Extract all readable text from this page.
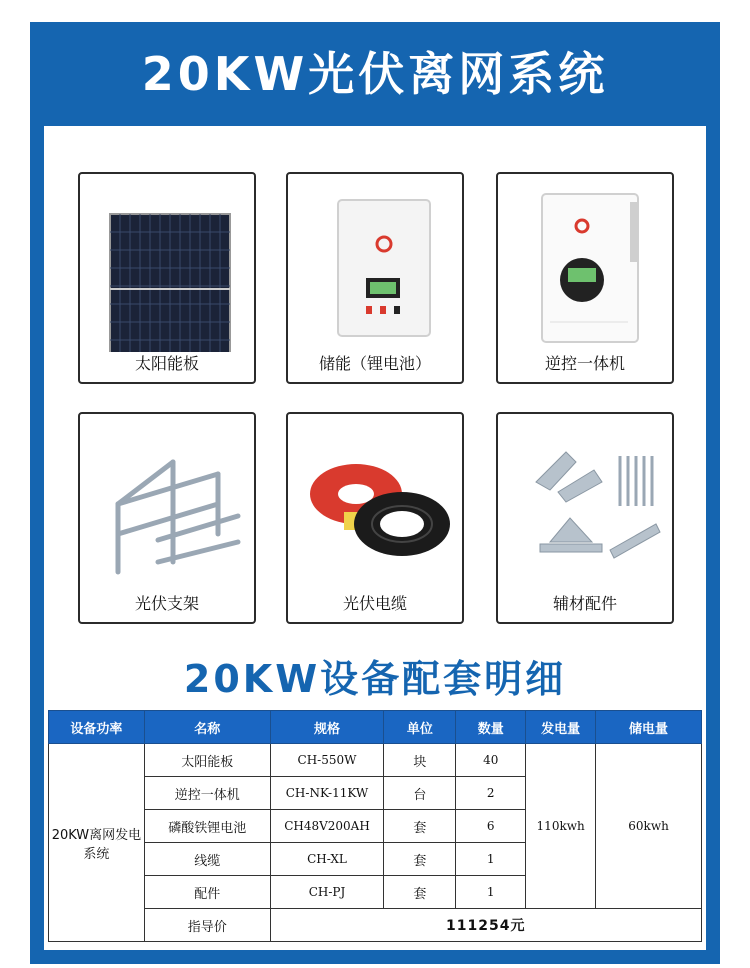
20KW光伏离网系统
太阳能板	储能（锂电池）	逆控一体机
光伏支架	光伏电缆	辅材配件
20KW设备配套明细
设备功率	名称	规格	单位	数量	发电量	储电量
20KW离网发电系统	太阳能板	CH-550W	块	40	110kwh	60kwh
	逆控一体机	CH-NK-11KW	台	2		
	磷酸铁锂电池	CH48V200AH	套	6		
	线缆	CH-XL	套	1		
	配件	CH-PJ	套	1		
	指导价	111254元				
